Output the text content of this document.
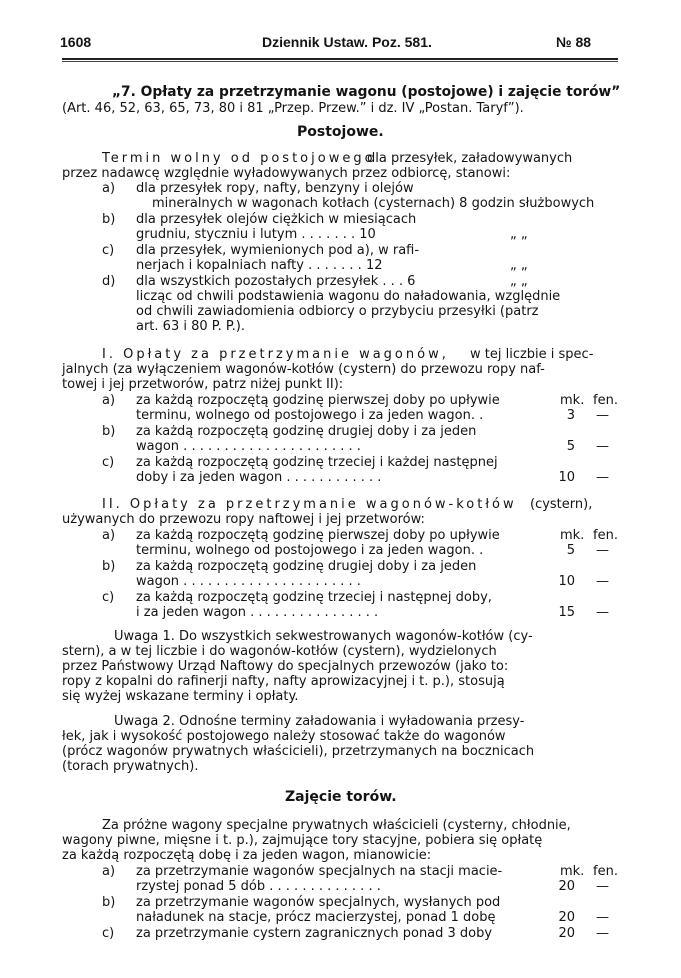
1608	Dziennik Ustaw. Poz. 581.	№ 88
„7. Opłaty za przetrzymanie wagonu (postojowe) i zajęcie torów”
(Art. 46, 52, 63, 65, 73, 80 i 81 „Przep. Przew.” i dz. IV „Postan. Taryf”).
Postojowe.
Termin wolny od postojowego
dla przesyłek, załadowywanych
przez nadawcę względnie wyładowywanych przez odbiorcę, stanowi:
a) dla przesyłek ropy, nafty, benzyny i olejów
mineralnych w wagonach kotłach (cysternach) 8 godzin służbowych
b) dla przesyłek olejów ciężkich w miesiącach
grudniu, styczniu i lutym . . . . . . . 10	„ „
c) dla przesyłek, wymienionych pod a), w rafi-
nerjach i kopalniach nafty . . . . . . . 12	„ „
d) dla wszystkich pozostałych przesyłek . . . 6	„ „
licząc od chwili podstawienia wagonu do naładowania, względnie
od chwili zawiadomienia odbiorcy o przybyciu przesyłki (patrz
art. 63 i 80 P. P.).
I. Opłaty za przetrzymanie wagonów, w tej liczbie i spec-
jalnych (za wyłączeniem wagonów-kotłów (cystern) do przewozu ropy naf-
towej i jej przetworów, patrz niżej punkt II):
a) za każdą rozpoczętą godzinę pierwszej doby po upływie	mk. fen.
terminu, wolnego od postojowego i za jeden wagon. .	3 —
b) za każdą rozpoczętą godzinę drugiej doby i za jeden
wagon . . . . . . . . . . . . . . . . . . . . . .	5 —
c) za każdą rozpoczętą godzinę trzeciej i każdej następnej
doby i za jeden wagon . . . . . . . . . . . .	10 —
II. Opłaty za przetrzymanie wagonów-kotłów (cystern),
używanych do przewozu ropy naftowej i jej przetworów:
a) za każdą rozpoczętą godzinę pierwszej doby po upływie	mk. fen.
terminu, wolnego od postojowego i za jeden wagon. .	5 —
b) za każdą rozpoczętą godzinę drugiej doby i za jeden
wagon . . . . . . . . . . . . . . . . . . . . . .	10 —
c) za każdą rozpoczętą godzinę trzeciej i następnej doby,
i za jeden wagon . . . . . . . . . . . . . . . .	15 —
Uwaga 1. Do wszystkich sekwestrowanych wagonów-kotłów (cy-
stern), a w tej liczbie i do wagonów-kotłów (cystern), wydzielonych
przez Państwowy Urząd Naftowy do specjalnych przewozów (jako to:
ropy z kopalni do rafinerji nafty, nafty aprowizacyjnej i t. p.), stosują
się wyżej wskazane terminy i opłaty.
Uwaga 2. Odnośne terminy załadowania i wyładowania przesy-
łek, jak i wysokość postojowego należy stosować także do wagonów
(prócz wagonów prywatnych właścicieli), przetrzymanych na bocznicach
(torach prywatnych).
Zajęcie torów.
Za próżne wagony specjalne prywatnych właścicieli (cysterny, chłodnie,
wagony piwne, mięsne i t. p.), zajmujące tory stacyjne, pobiera się opłatę
za każdą rozpoczętą dobę i za jeden wagon, mianowicie:
a) za przetrzymanie wagonów specjalnych na stacji macie-	mk. fen.
rzystej ponad 5 dób . . . . . . . . . . . . . .	20 —
b) za przetrzymanie wagonów specjalnych, wysłanych pod
naładunek na stacje, prócz macierzystej, ponad 1 dobę	20 —
c) za przetrzymanie cystern zagranicznych ponad 3 doby	20 —
